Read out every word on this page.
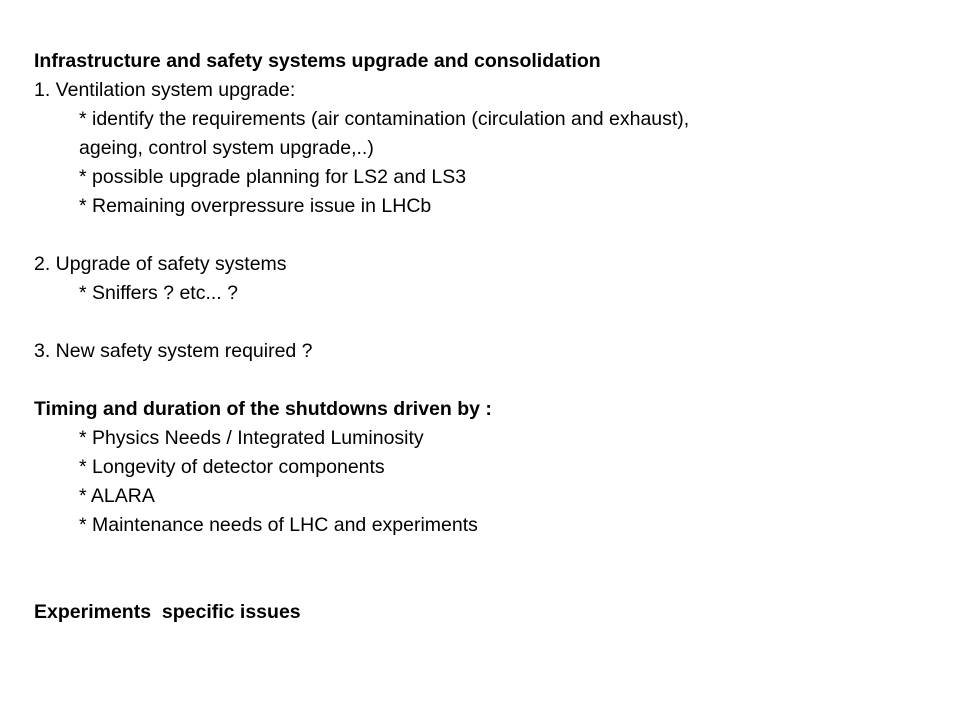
Infrastructure and safety systems upgrade and consolidation
1. Ventilation system upgrade:
* identify the requirements (air contamination (circulation and exhaust),
ageing, control system upgrade,..)
* possible upgrade planning for LS2 and LS3
* Remaining overpressure issue in LHCb
2. Upgrade of safety systems
* Sniffers ? etc... ?
3. New safety system required ?
Timing and duration of the shutdowns driven by :
* Physics Needs / Integrated Luminosity
* Longevity of detector components
* ALARA
* Maintenance needs of LHC and experiments
Experiments  specific issues
